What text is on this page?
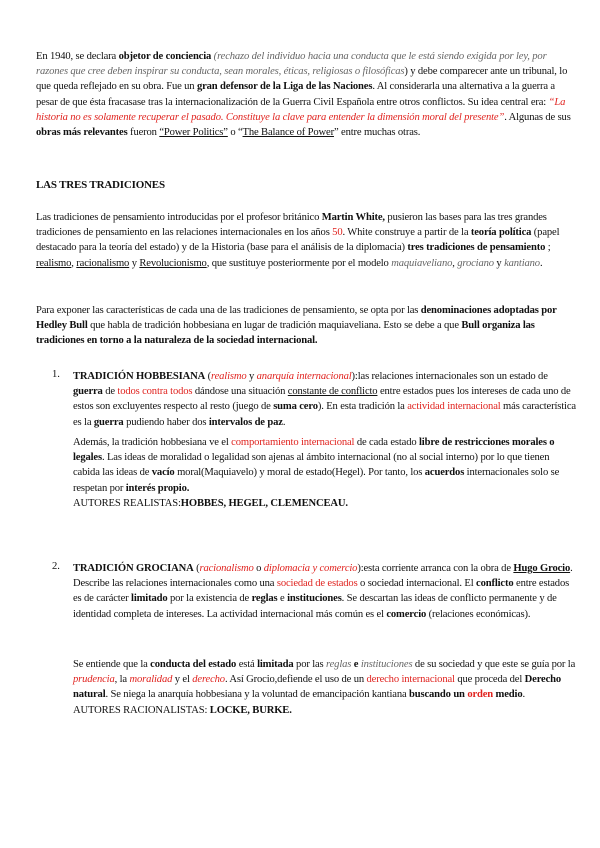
En 1940, se declara objetor de conciencia (rechazo del individuo hacia una conducta que le está siendo exigida por ley, por razones que cree deben inspirar su conducta, sean morales, éticas, religiosas o filosóficas) y debe comparecer ante un tribunal, lo que queda reflejado en su obra. Fue un gran defensor de la Liga de las Naciones. Al considerarla una alternativa a la guerra a pesar de que ésta fracasase tras la internacionalización de la Guerra Civil Española entre otros conflictos. Su idea central era: “La historia no es solamente recuperar el pasado. Constituye la clave para entender la dimensión moral del presente”. Algunas de sus obras más relevantes fueron “Power Politics” o “The Balance of Power” entre muchas otras.
LAS TRES TRADICIONES
Las tradiciones de pensamiento introducidas por el profesor británico Martin White, pusieron las bases para las tres grandes tradiciones de pensamiento en las relaciones internacionales en los años 50. White construye a partir de la teoría política (papel destacado para la teoría del estado) y de la Historia (base para el análisis de la diplomacia) tres tradiciones de pensamiento ; realismo, racionalismo y Revolucionismo, que sustituye posteriormente por el modelo maquiaveliano, grociano y kantiano.
Para exponer las características de cada una de las tradiciones de pensamiento, se opta por las denominaciones adoptadas por Hedley Bull que habla de tradición hobbesiana en lugar de tradición maquiaveliana. Esto se debe a que Bull organiza las tradiciones en torno a la naturaleza de la sociedad internacional.
1. TRADICIÓN HOBBESIANA (realismo y anarquía internacional):las relaciones internacionales son un estado de guerra de todos contra todos dándose una situación constante de conflicto entre estados pues los intereses de cada uno de estos son excluyentes respecto al resto (juego de suma cero). En esta tradición la actividad internacional más característica es la guerra pudiendo haber dos intervalos de paz.
Además, la tradición hobbesiana ve el comportamiento internacional de cada estado libre de restricciones morales o legales. Las ideas de moralidad o legalidad son ajenas al ámbito internacional (no al social interno) por lo que tienen cabida las ideas de vacío moral(Maquiavelo) y moral de estado(Hegel). Por tanto, los acuerdos internacionales solo se respetan por interés propio.
AUTORES REALISTAS:HOBBES, HEGEL, CLEMENCEAU.
2. TRADICIÓN GROCIANA (racionalismo o diplomacia y comercio):esta corriente arranca con la obra de Hugo Grocio. Describe las relaciones internacionales como una sociedad de estados o sociedad internacional. El conflicto entre estados es de carácter limitado por la existencia de reglas e instituciones. Se descartan las ideas de conflicto permanente y de identidad completa de intereses. La actividad internacional más común es el comercio (relaciones económicas).
Se entiende que la conducta del estado está limitada por las reglas e instituciones de su sociedad y que este se guía por la prudencia, la moralidad y el derecho. Así Grocio,defiende el uso de un derecho internacional que proceda del Derecho natural. Se niega la anarquía hobbesiana y la voluntad de emancipación kantiana buscando un orden medio.
AUTORES RACIONALISTAS: LOCKE, BURKE.
